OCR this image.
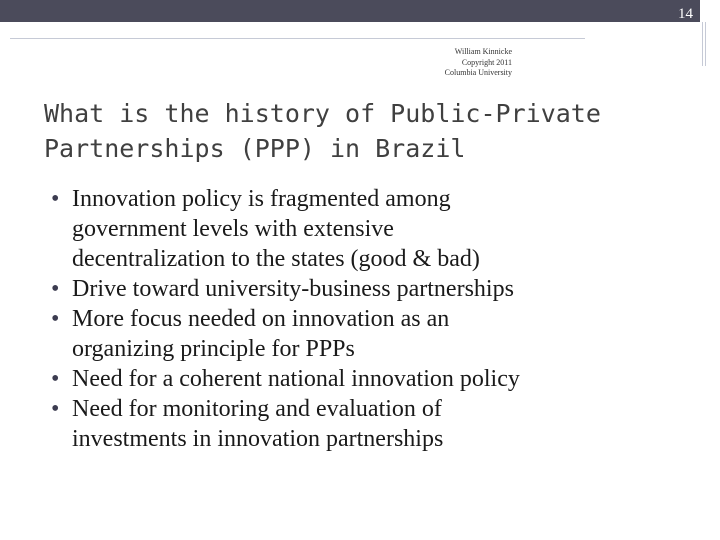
14
William Kinnicke
Copyright 2011
Columbia University
What is the history of Public-Private
Partnerships (PPP) in Brazil
• Innovation policy is fragmented among
government levels with extensive
decentralization to the states (good & bad)
• Drive toward university-business partnerships
• More focus needed on innovation as an
organizing principle for PPPs
• Need for a coherent national innovation policy
• Need for monitoring and evaluation of
investments in innovation partnerships
